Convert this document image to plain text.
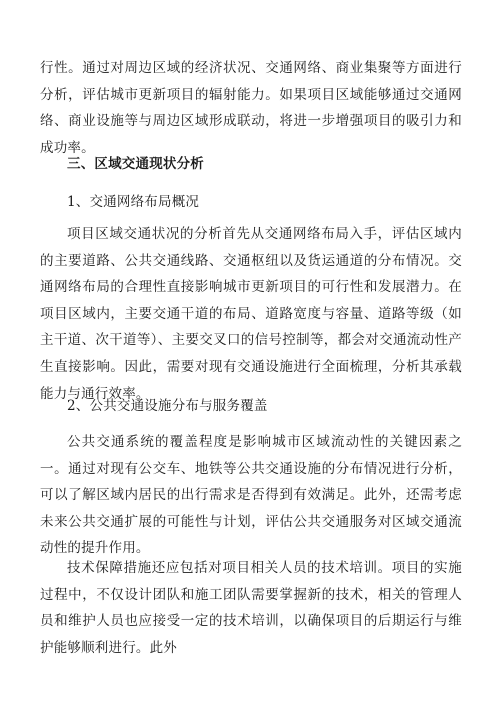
行性。通过对周边区域的经济状况、交通网络、商业集聚等方面进行分析，评估城市更新项目的辐射能力。如果项目区域能够通过交通网络、商业设施等与周边区域形成联动，将进一步增强项目的吸引力和成功率。

三、区域交通现状分析
1、交通网络布局概况

项目区域交通状况的分析首先从交通网络布局入手，评估区域内的主要道路、公共交通线路、交通枢纽以及货运通道的分布情况。交通网络布局的合理性直接影响城市更新项目的可行性和发展潜力。在项目区域内，主要交通干道的布局、道路宽度与容量、道路等级（如主干道、次干道等）、主要交叉口的信号控制等，都会对交通流动性产生直接影响。因此，需要对现有交通设施进行全面梳理，分析其承载能力与通行效率。

2、公共交通设施分布与服务覆盖

公共交通系统的覆盖程度是影响城市区域流动性的关键因素之一。通过对现有公交车、地铁等公共交通设施的分布情况进行分析，可以了解区域内居民的出行需求是否得到有效满足。此外，还需考虑未来公共交通扩展的可能性与计划，评估公共交通服务对区域交通流动性的提升作用。

技术保障措施还应包括对项目相关人员的技术培训。项目的实施过程中，不仅设计团队和施工团队需要掌握新的技术，相关的管理人员和维护人员也应接受一定的技术培训，以确保项目的后期运行与维护能够顺利进行。此外
